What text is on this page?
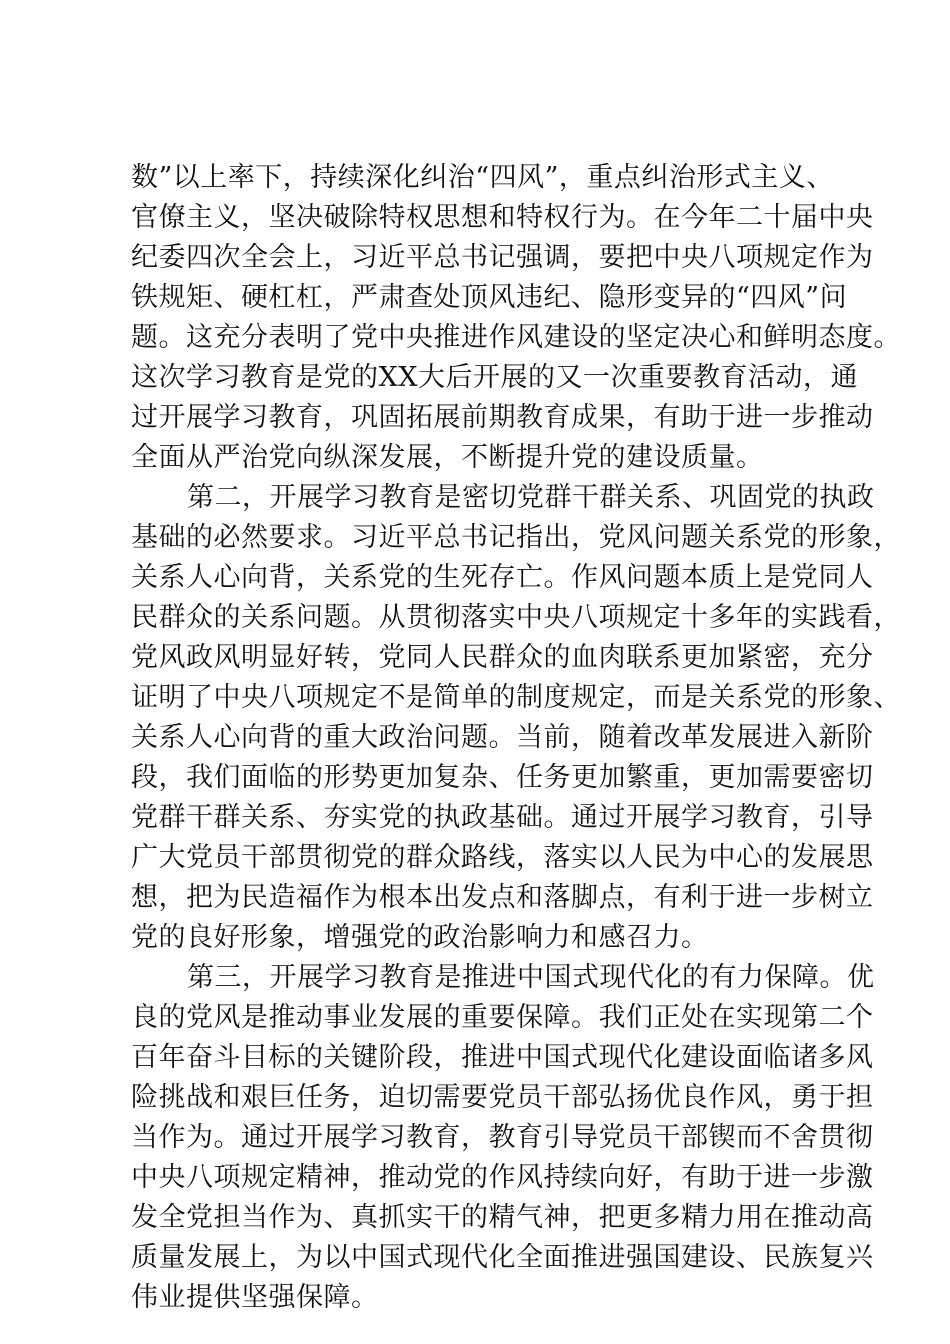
数”以上率下，持续深化纠治“四风”，重点纠治形式主义、
官僚主义，坚决破除特权思想和特权行为。在今年二十届中央
纪委四次全会上，习近平总书记强调，要把中央八项规定作为
铁规矩、硬杠杠，严肃查处顶风违纪、隐形变异的“四风”问
题。这充分表明了党中央推进作风建设的坚定决心和鲜明态度。
这次学习教育是党的XX大后开展的又一次重要教育活动，通
过开展学习教育，巩固拓展前期教育成果，有助于进一步推动
全面从严治党向纵深发展，不断提升党的建设质量。
第二，开展学习教育是密切党群干群关系、巩固党的执政
基础的必然要求。习近平总书记指出，党风问题关系党的形象，
关系人心向背，关系党的生死存亡。作风问题本质上是党同人
民群众的关系问题。从贯彻落实中央八项规定十多年的实践看，
党风政风明显好转，党同人民群众的血肉联系更加紧密，充分
证明了中央八项规定不是简单的制度规定，而是关系党的形象、
关系人心向背的重大政治问题。当前，随着改革发展进入新阶
段，我们面临的形势更加复杂、任务更加繁重，更加需要密切
党群干群关系、夯实党的执政基础。通过开展学习教育，引导
广大党员干部贯彻党的群众路线，落实以人民为中心的发展思
想，把为民造福作为根本出发点和落脚点，有利于进一步树立
党的良好形象，增强党的政治影响力和感召力。
第三，开展学习教育是推进中国式现代化的有力保障。优
良的党风是推动事业发展的重要保障。我们正处在实现第二个
百年奋斗目标的关键阶段，推进中国式现代化建设面临诸多风
险挑战和艰巨任务，迫切需要党员干部弘扬优良作风，勇于担
当作为。通过开展学习教育，教育引导党员干部锲而不舍贯彻
中央八项规定精神，推动党的作风持续向好，有助于进一步激
发全党担当作为、真抓实干的精气神，把更多精力用在推动高
质量发展上，为以中国式现代化全面推进强国建设、民族复兴
伟业提供坚强保障。
